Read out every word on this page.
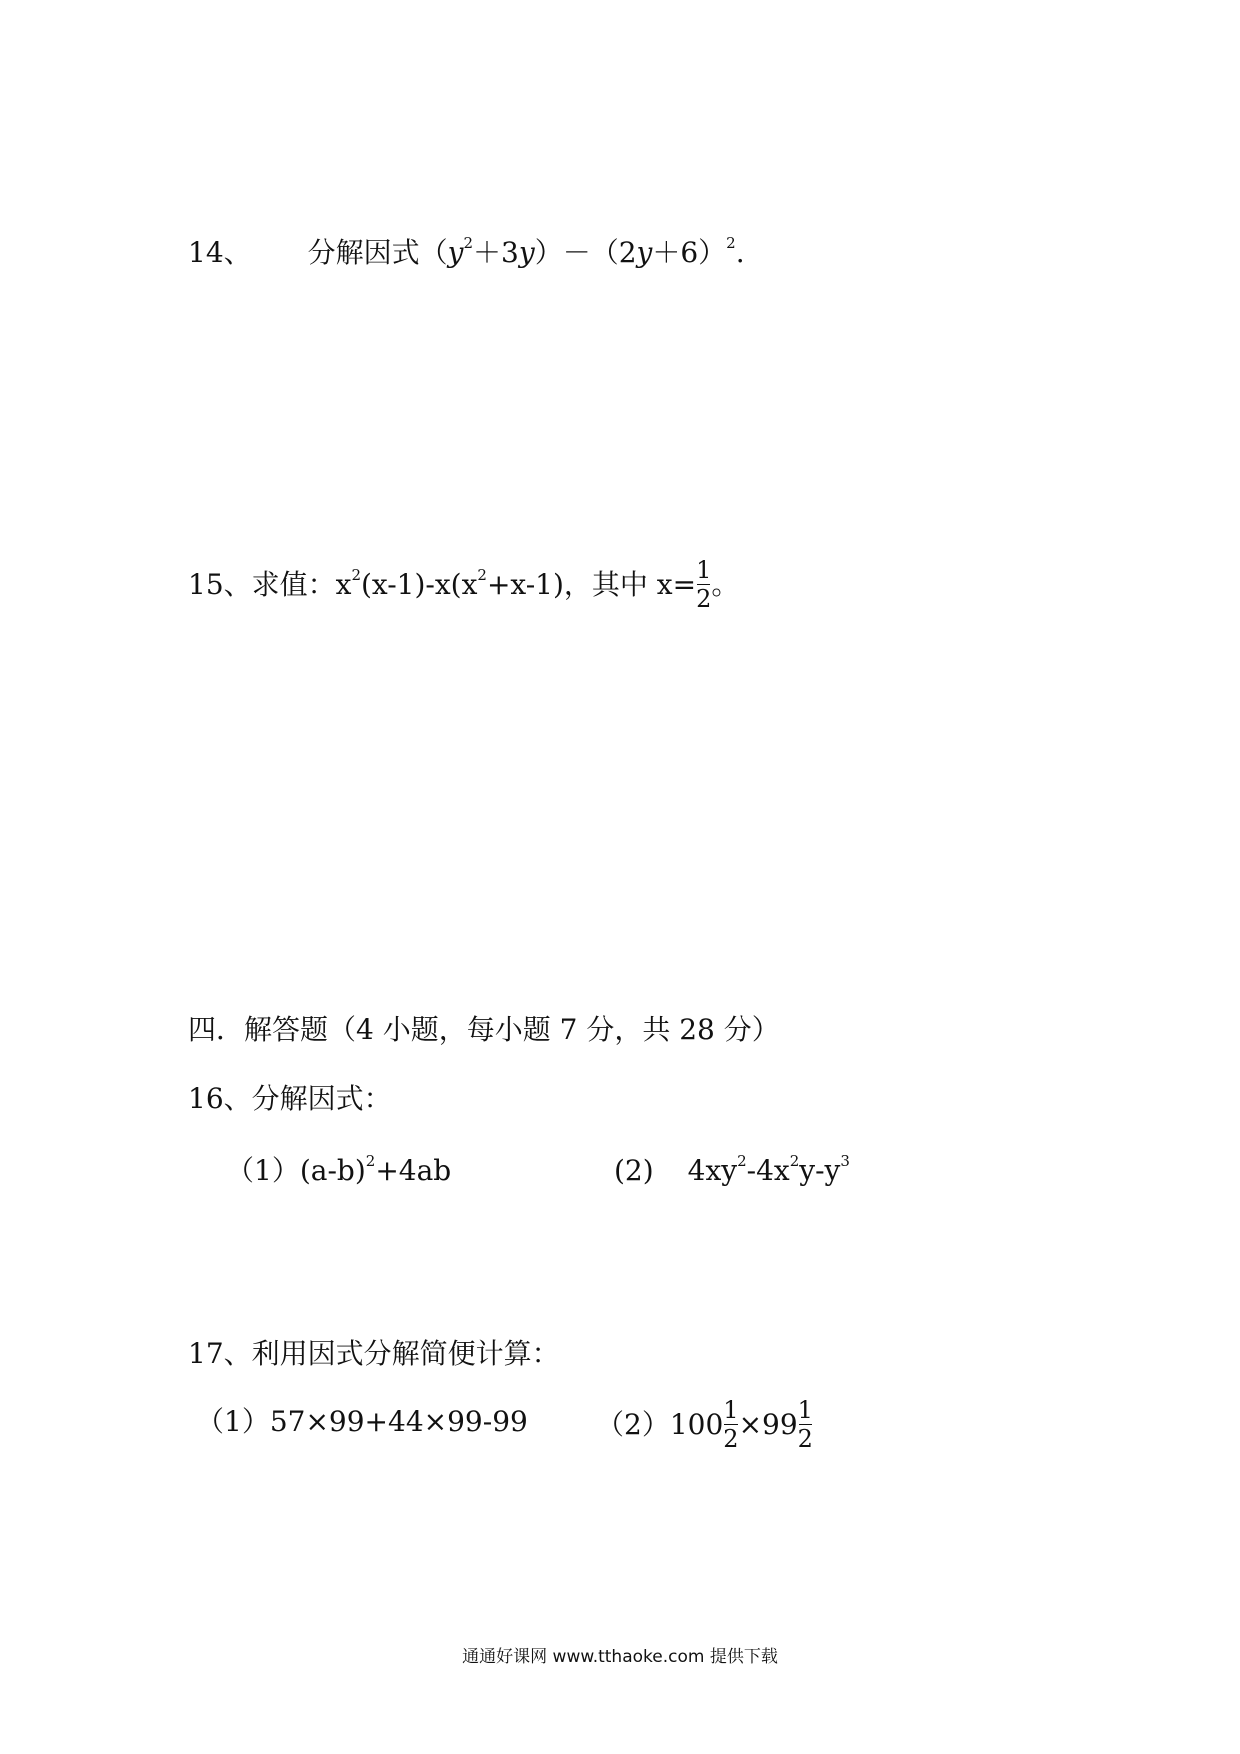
14、 分解因式$(y^2+3y)-(2y+6)^2$.
15、求值：$x^2(x-1)-x(x^2+x-1)$，其中 $x= \frac{1}{2}$ 。
四．解答题（4 小题，每小题 7 分，共 28 分）
16、分解因式：
$(1)(a-b)^2+4ab$	(2) $4xy^2-4x^2y-y^3$
17、利用因式分解简便计算：
（1）57×99+44×99-99 $(2)100 \frac{1}{2} \times 99 \frac{1}{2}$
通通好课网 www.tthaoke.com 提供下载
